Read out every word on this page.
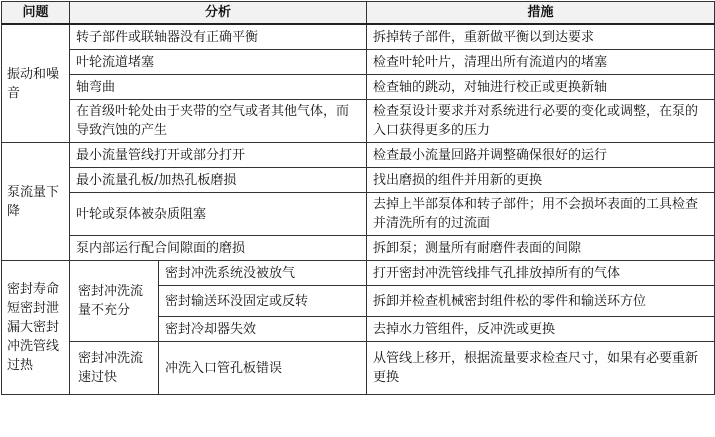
问题	分析		措施
振动和噪音	转子部件或联轴器没有正确平衡		拆掉转子部件，重新做平衡以到达要求
	叶轮流道堵塞		检查叶轮叶片，清理出所有流道内的堵塞
	轴弯曲		检查轴的跳动，对轴进行校正或更换新轴
	在首级叶轮处由于夹带的空气或者其他气体，而导致汽蚀的产生		检查泵设计要求并对系统进行必要的变化或调整，在泵的入口获得更多的压力
泵流量下降	最小流量管线打开或部分打开		检查最小流量回路并调整确保很好的运行
	最小流量孔板/加热孔板磨损		找出磨损的组件并用新的更换
	叶轮或泵体被杂质阻塞		去掉上半部泵体和转子部件；用不会损坏表面的工具检查并清洗所有的过流面
	泵内部运行配合间隙面的磨损		拆卸泵；测量所有耐磨件表面的间隙
密封寿命短密封泄漏大密封冲洗管线过热	密封冲洗流量不充分	密封冲洗系统没被放气	打开密封冲洗管线排气孔排放掉所有的气体
		密封输送环没固定或反转	拆卸并检查机械密封组件松的零件和输送环方位
		密封冷却器失效	去掉水力管组件，反冲洗或更换
	密封冲洗流速过快	冲洗入口管孔板错误	从管线上移开，根据流量要求检查尺寸，如果有必要重新更换
